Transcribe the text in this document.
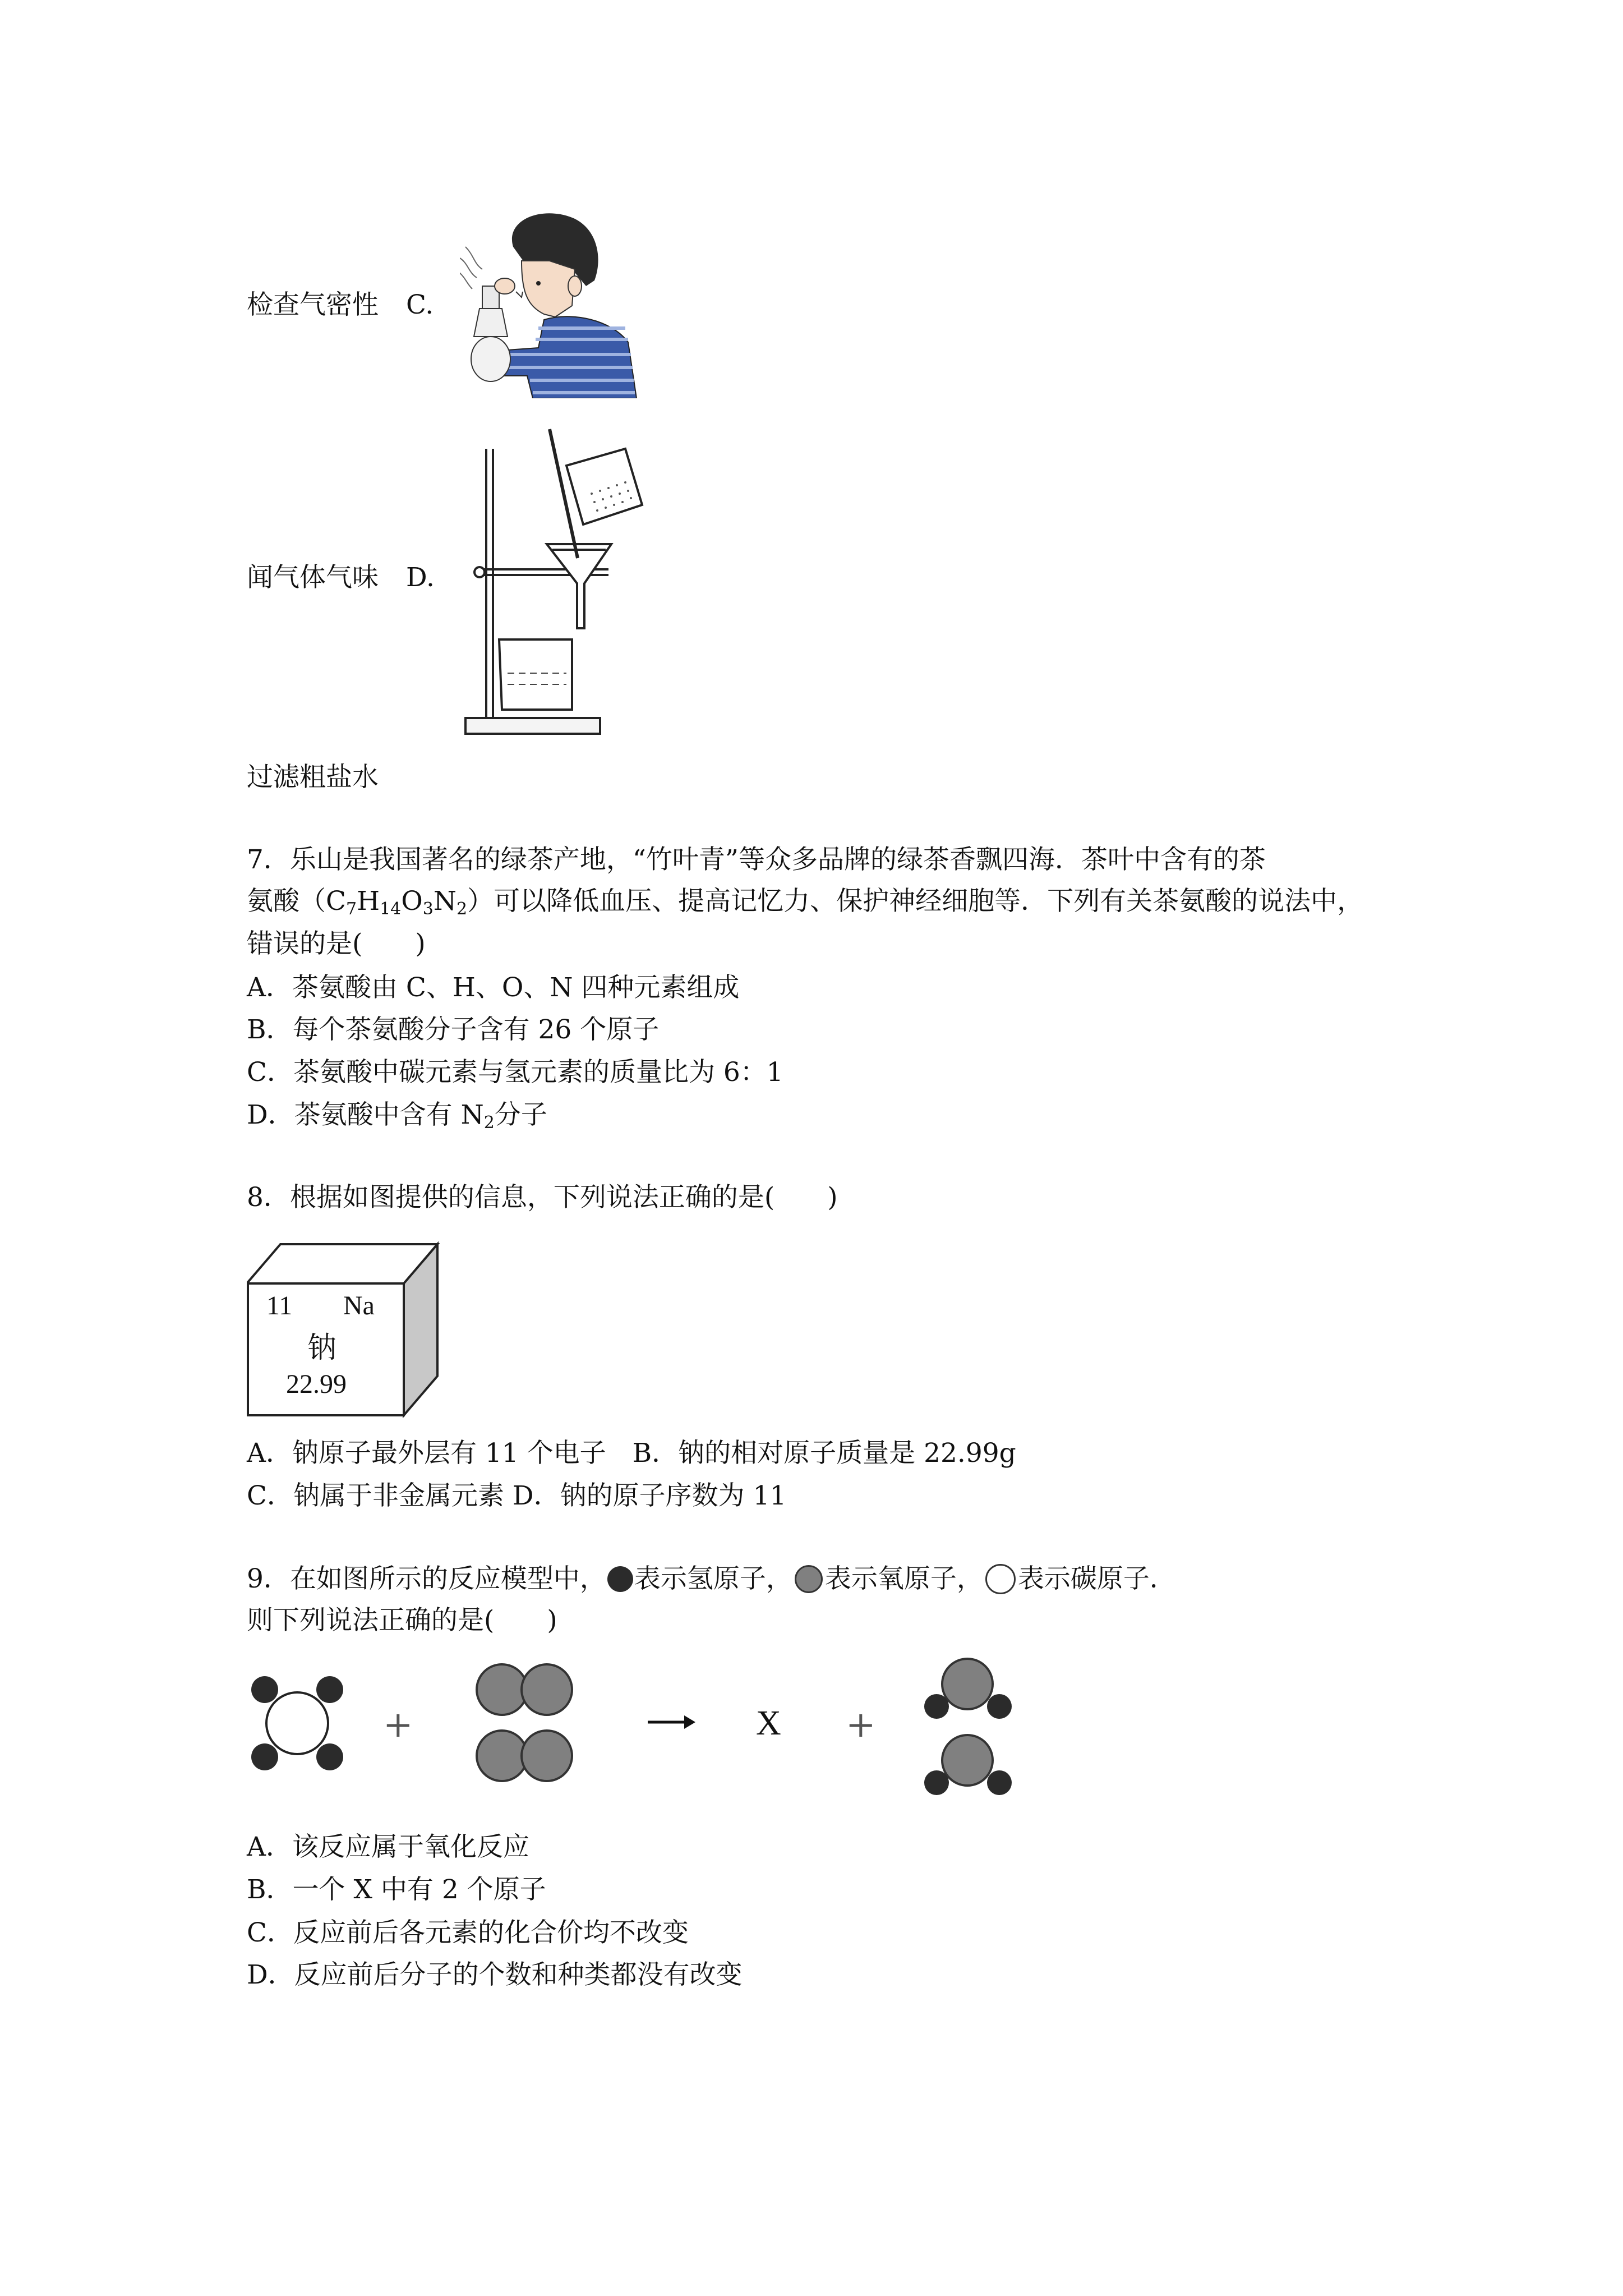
检查气密性 C.
闻气体气味 D.
过滤粗盐水
7．乐山是我国著名的绿茶产地，“竹叶青”等众多品牌的绿茶香飘四海．茶叶中含有的茶
氨酸$(C_7H_{14}O_3N_2)$可以降低血压、提高记忆力、保护神经细胞等．下列有关茶氨酸的说法中，
错误的是(　　)
A．茶氨酸由 C、H、O、N 四种元素组成
B．每个茶氨酸分子含有 26 个原子
C．茶氨酸中碳元素与氢元素的质量比为 6：1
D．茶氨酸中含有 $N_2$分子
8．根据如图提供的信息，下列说法正确的是(　　)
11 Na
钠
22.99
A．钠原子最外层有 11 个电子　B．钠的相对原子质量是 22.99g
C．钠属于非金属元素 D．钠的原子序数为 11
9．在如图所示的反应模型中， 表示氢原子， 表示氧原子， 表示碳原子．
则下列说法正确的是(　　)
+	X +
A．该反应属于氧化反应
B．一个 X 中有 2 个原子
C．反应前后各元素的化合价均不改变
D．反应前后分子的个数和种类都没有改变
